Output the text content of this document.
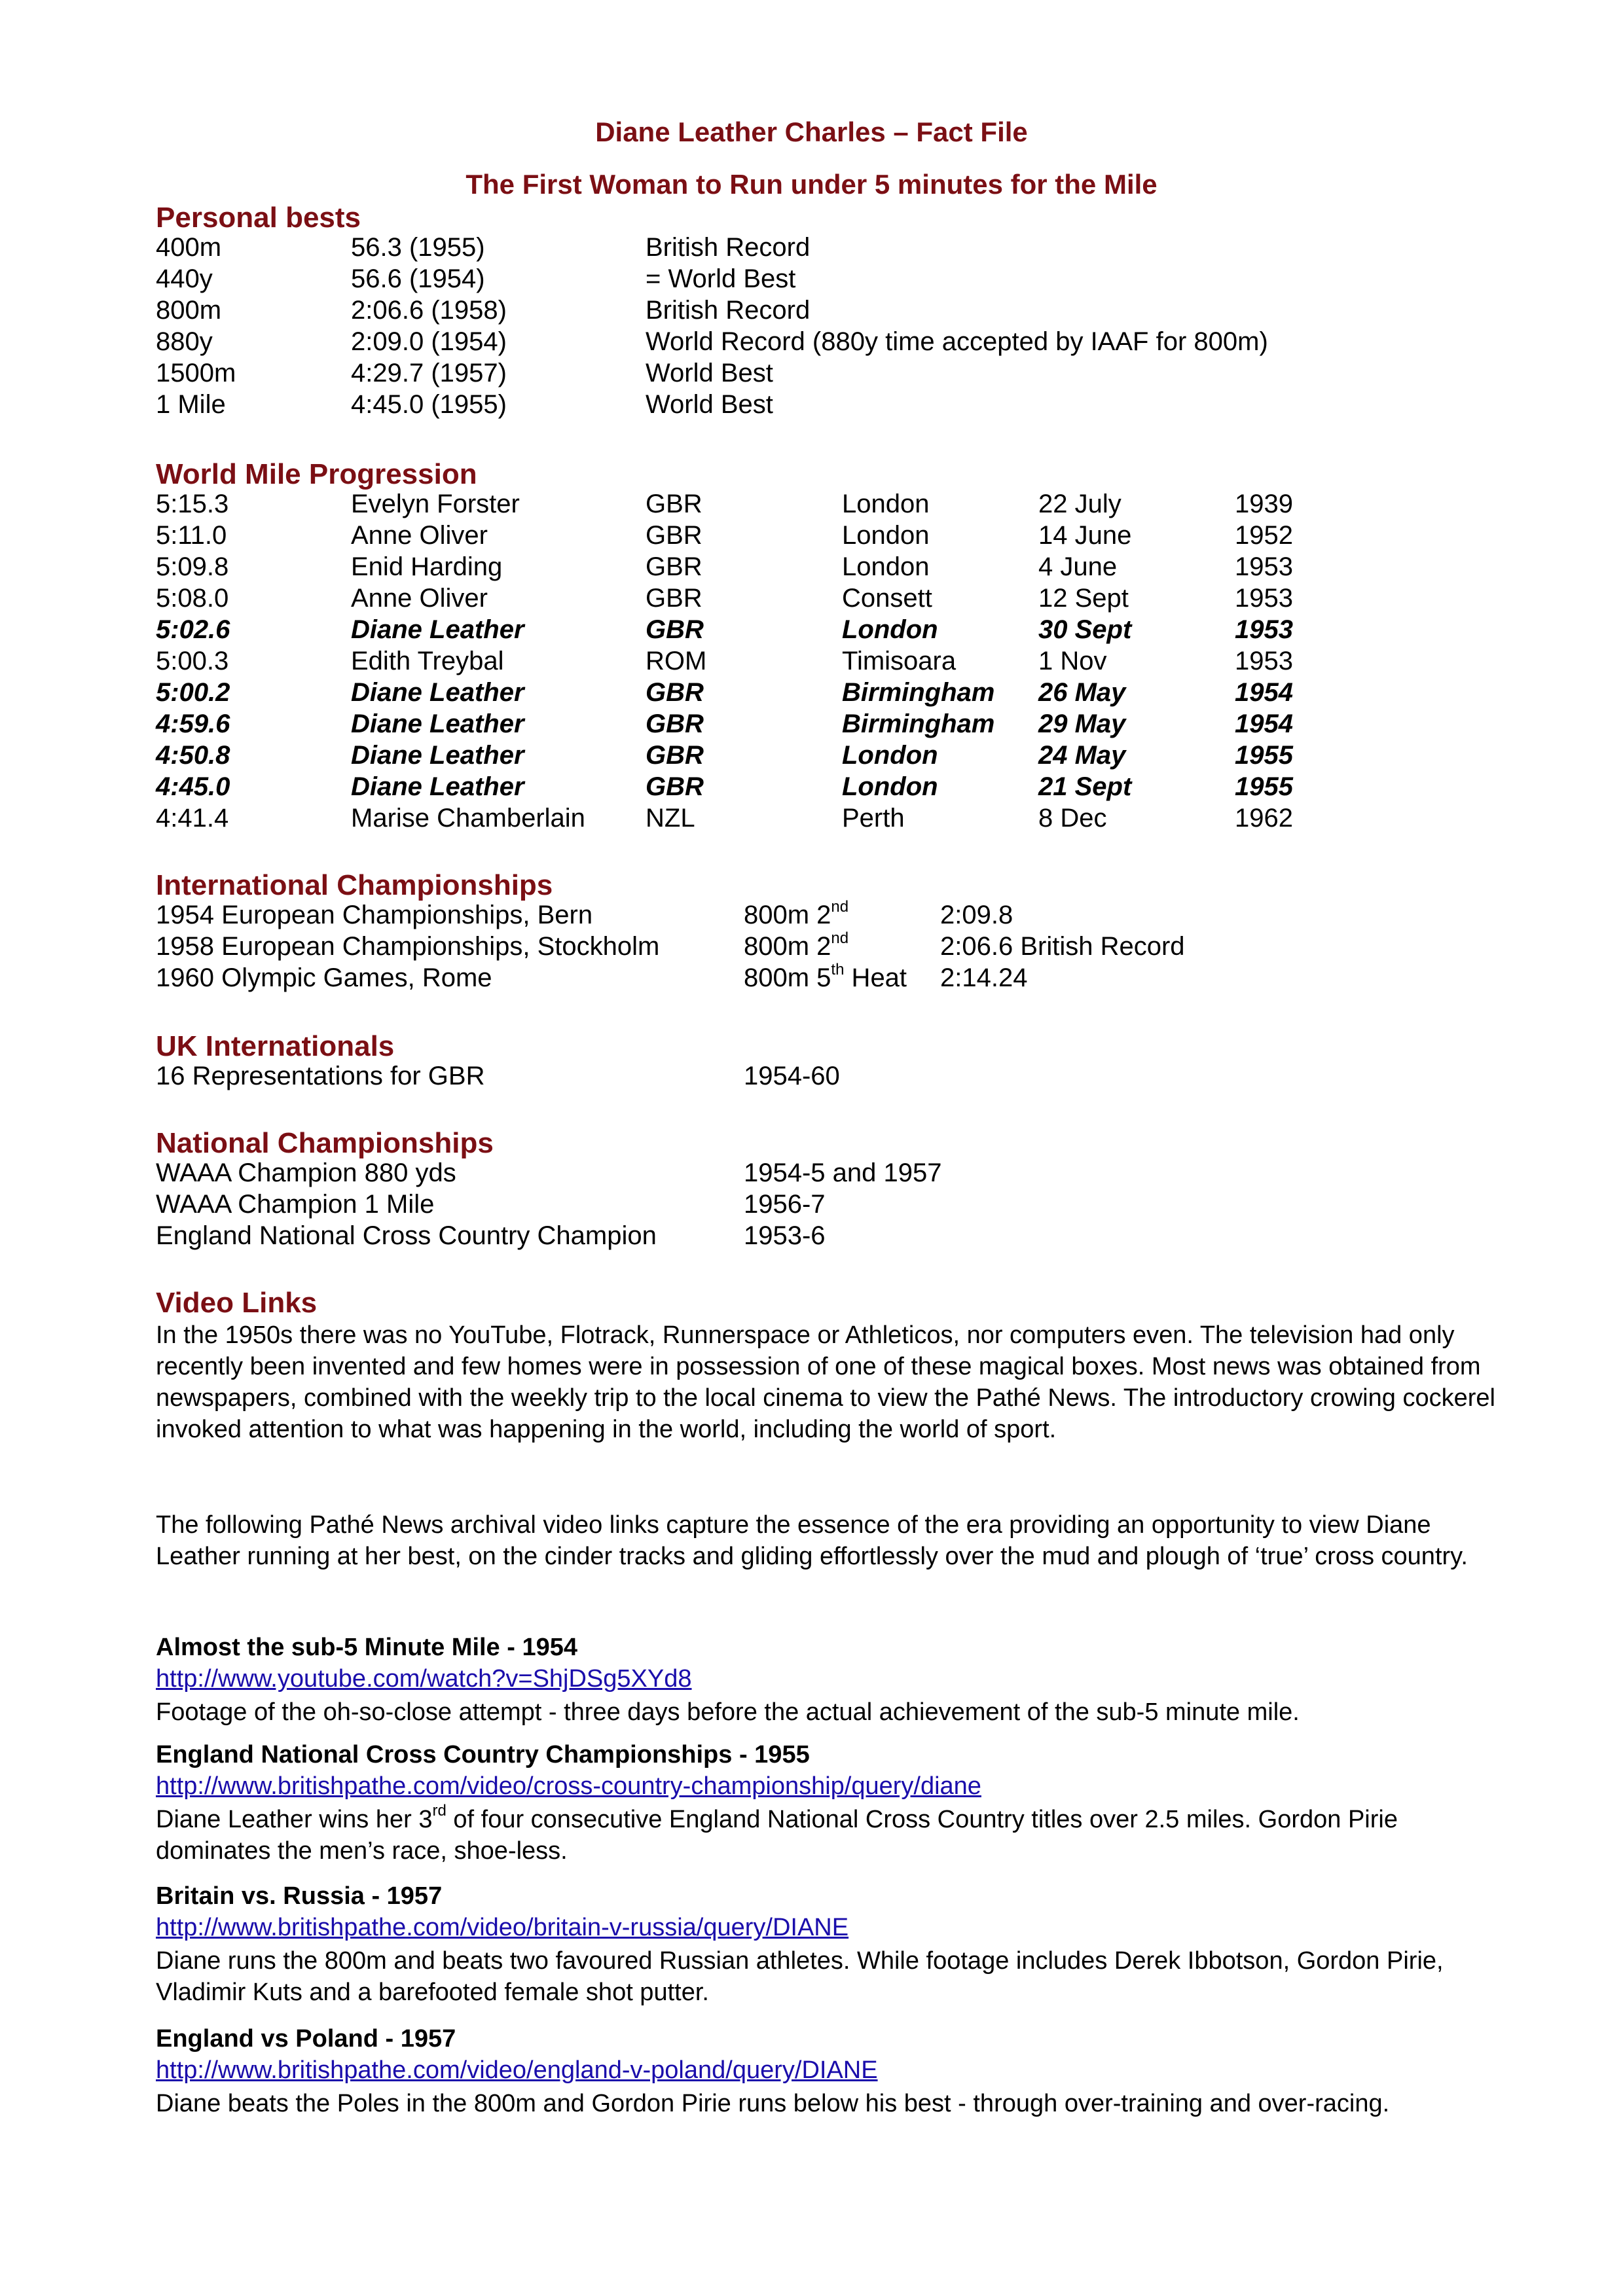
Diane Leather Charles – Fact File
The First Woman to Run under 5 minutes for the Mile
Personal bests
400m	56.3 (1955)	British Record
440y	56.6 (1954)	= World Best
800m	2:06.6 (1958)	British Record
880y	2:09.0 (1954)	World Record (880y time accepted by IAAF for 800m)
1500m	4:29.7 (1957)	World Best
1 Mile	4:45.0 (1955)	World Best
World Mile Progression
5:15.3	Evelyn Forster	GBR	London	22 July	1939
5:11.0	Anne Oliver	GBR	London	14 June	1952
5:09.8	Enid Harding	GBR	London	4 June	1953
5:08.0	Anne Oliver	GBR	Consett	12 Sept	1953
5:02.6	Diane Leather	GBR	London	30 Sept	1953
5:00.3	Edith Treybal	ROM	Timisoara	1 Nov	1953
5:00.2	Diane Leather	GBR	Birmingham 26 May	1954
4:59.6	Diane Leather	GBR	Birmingham 29 May	1954
4:50.8	Diane Leather	GBR	London	24 May	1955
4:45.0	Diane Leather	GBR	London	21 Sept	1955
4:41.4	Marise Chamberlain NZL	Perth	8 Dec	1962
International Championships
1954 European Championships, Bern	800m 2nd	2:09.8
1958 European Championships, Stockholm	800m 2nd	2:06.6 British Record
1960 Olympic Games, Rome	800m 5th Heat 2:14.24
UK Internationals
16 Representations for GBR	1954-60
National Championships
WAAA Champion 880 yds	1954-5 and 1957
WAAA Champion 1 Mile	1956-7
England National Cross Country Champion	1953-6
Video Links
In the 1950s there was no YouTube, Flotrack, Runnerspace or Athleticos, nor computers even. The television had only recently been invented and few homes were in possession of one of these magical boxes. Most news was obtained from newspapers, combined with the weekly trip to the local cinema to view the Pathé News. The introductory crowing cockerel invoked attention to what was happening in the world, including the world of sport.
The following Pathé News archival video links capture the essence of the era providing an opportunity to view Diane Leather running at her best, on the cinder tracks and gliding effortlessly over the mud and plough of ‘true’ cross country.
Almost the sub-5 Minute Mile - 1954
http://www.youtube.com/watch?v=ShjDSg5XYd8
Footage of the oh-so-close attempt - three days before the actual achievement of the sub-5 minute mile.
England National Cross Country Championships - 1955
http://www.britishpathe.com/video/cross-country-championship/query/diane
Diane Leather wins her 3rd of four consecutive England National Cross Country titles over 2.5 miles. Gordon Pirie dominates the men’s race, shoe-less.
Britain vs. Russia - 1957
http://www.britishpathe.com/video/britain-v-russia/query/DIANE
Diane runs the 800m and beats two favoured Russian athletes. While footage includes Derek Ibbotson, Gordon Pirie, Vladimir Kuts and a barefooted female shot putter.
England vs Poland - 1957
http://www.britishpathe.com/video/england-v-poland/query/DIANE
Diane beats the Poles in the 800m and Gordon Pirie runs below his best - through over-training and over-racing.
